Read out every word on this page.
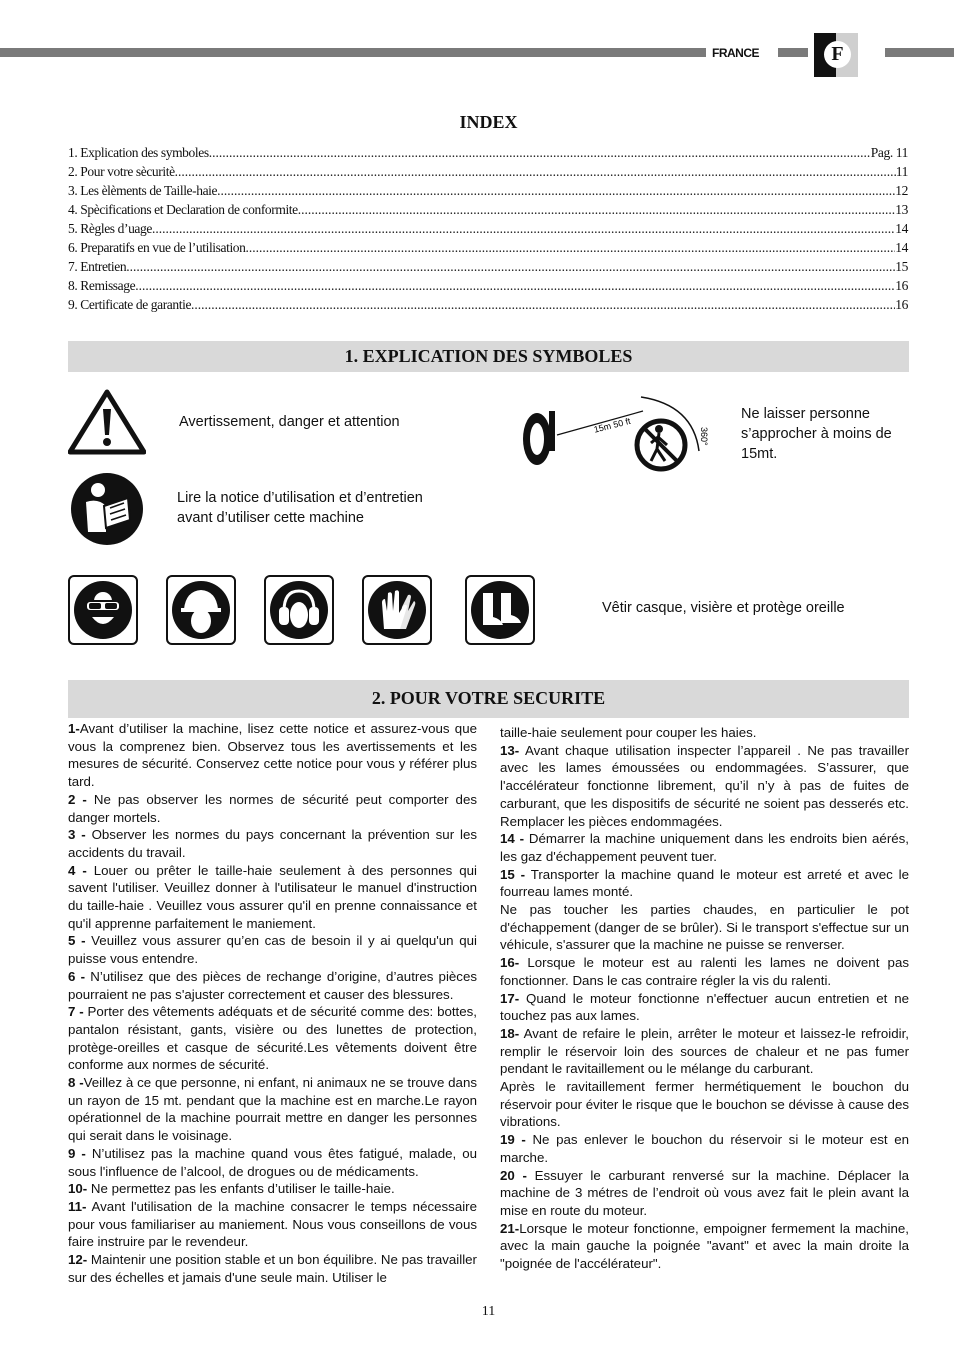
FRANCE	F
INDEX
1. Explication des symboles .....	Pag. 11
2. Pour votre sècuritè .....	11
3. Les èlèments de Taille-haie .....	12
4. Spècifications et Declaration de conformite .....	13
5. Règles d’uage .....	14
6. Preparatifs en vue de l’utilisation .....	14
7. Entretien .....	15
8. Remissage .....	16
9. Certificate de garantie .....	16
1. EXPLICATION DES SYMBOLES
Avertissement, danger et attention
Lire la notice d’utilisation et d’entretien avant d’utiliser cette machine
15m 50 ft
360°
Ne laisser personne s’approcher à moins de 15mt.
Vêtir casque, visière et protège oreille
2. POUR VOTRE SECURITE

1-Avant d’utiliser la machine, lisez cette notice et assurez-vous que vous la comprenez bien. Observez tous les avertissements et les mesures de sécurité. Conservez cette notice pour vous y référer plus tard.

2 - Ne pas observer les normes de sécurité peut comporter des danger mortels.

3 - Observer les normes du pays concernant la prévention sur les accidents du travail.

4 - Louer ou prêter le taille-haie seulement à des personnes qui savent l'utiliser. Veuillez donner à l'utilisateur le manuel d'instruction du taille-haie . Veuillez vous assurer qu'il en prenne connaissance et qu'il apprenne parfaitement le maniement.

5 - Veuillez vous assurer qu’en cas de besoin il y ai quelqu'un qui puisse vous entendre.

6 - N’utilisez que des pièces de rechange d’origine, d’autres pièces pourraient ne pas s'ajuster correctement et causer des blessures.

7 - Porter des vêtements adéquats et de sécurité comme des: bottes, pantalon résistant, gants, visière ou des lunettes de protection, protège-oreilles et casque de sécurité.Les vêtements doivent être conforme aux normes de sécurité.

8 -Veillez à ce que personne, ni enfant, ni animaux ne se trouve dans un rayon de 15 mt. pendant que la machine est en marche.Le rayon opérationnel de la machine pourrait mettre en danger les personnes qui serait dans le voisinage.

9 - N’utilisez pas la machine quand vous êtes fatigué, malade, ou sous l'influence de l’alcool, de drogues ou de médicaments.

10- Ne permettez pas les enfants d’utiliser le taille-haie.

11- Avant l'utilisation de la machine consacrer le temps nécessaire pour vous familiariser au maniement. Nous vous conseillons de vous faire instruire par le revendeur.

12- Maintenir une position stable et un bon équilibre. Ne pas travailler sur des échelles et jamais d'une seule main. Utiliser le

taille-haie seulement pour couper les haies.

13- Avant chaque utilisation inspecter l’appareil . Ne pas travailler avec les lames émoussées ou endommagées. S’assurer, que l'accélérateur fonctionne librement, qu’il n’y à pas de fuites de carburant, que les dispositifs de sécurité ne soient pas desserés etc. Remplacer les pièces endommagées.

14 - Démarrer la machine uniquement dans les endroits bien aérés, les gaz d'échappement peuvent tuer.

15 - Transporter la machine quand le moteur est arreté et avec le fourreau lames monté.

Ne pas toucher les parties chaudes, en particulier le pot d'échappement (danger de se brûler). Si le transport s'effectue sur un véhicule, s'assurer que la machine ne puisse se renverser.

16- Lorsque le moteur est au ralenti les lames ne doivent pas fonctionner. Dans le cas contraire régler la vis du ralenti.

17- Quand le moteur fonctionne n'effectuer aucun entretien et ne touchez pas aux lames.

18- Avant de refaire le plein, arrêter le moteur et laissez-le refroidir, remplir le réservoir loin des sources de chaleur et ne pas fumer pendant le ravitaillement ou le mélange du carburant.

Après le ravitaillement fermer hermétiquement le bouchon du réservoir pour éviter le risque que le bouchon se dévisse à cause des vibrations.

19 - Ne pas enlever le bouchon du réservoir si le moteur est en marche.

20 - Essuyer le carburant renversé sur la machine. Déplacer la machine de 3 métres de l’endroit où vous avez fait le plein avant la mise en route du moteur.

21-Lorsque le moteur fonctionne, empoigner fermement la machine, avec la main gauche la poignée "avant" et avec la main droite la "poignée de l'accélérateur".

11
